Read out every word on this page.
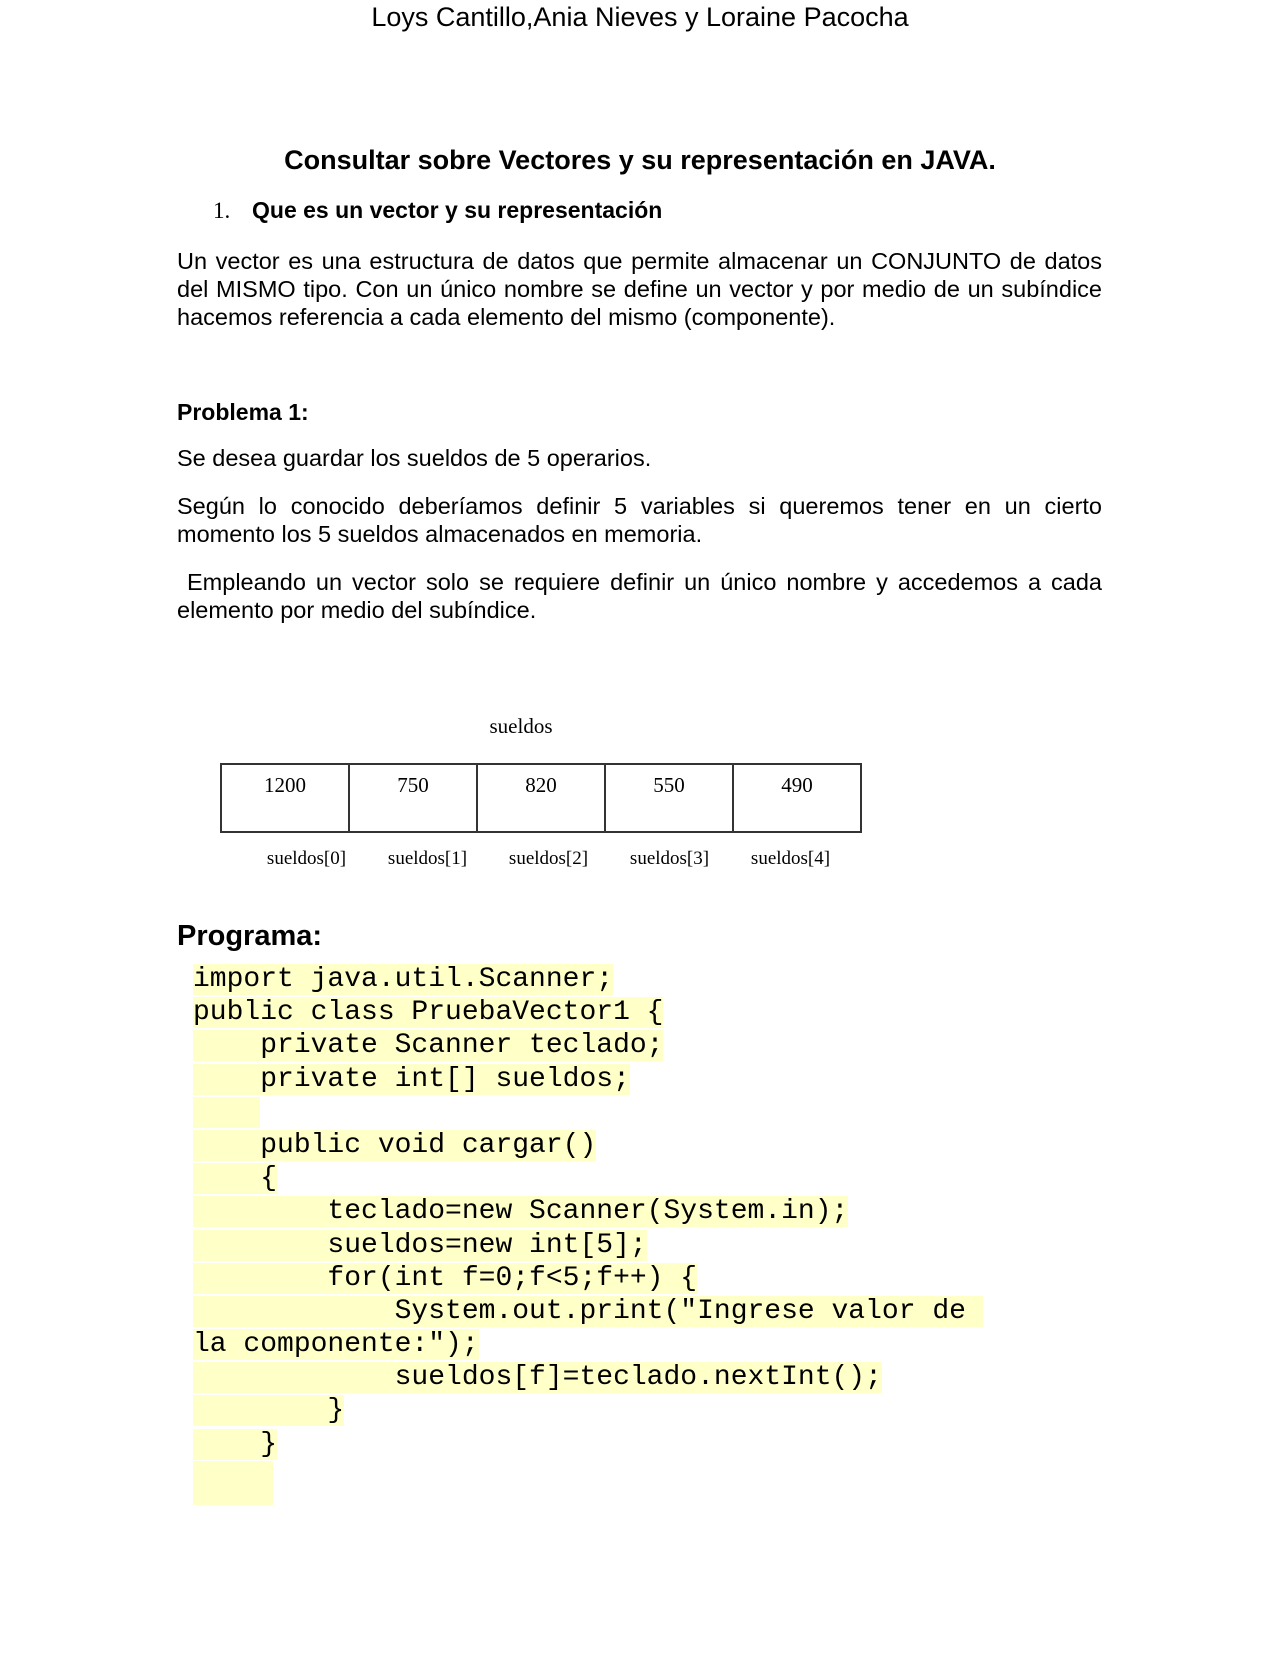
Loys Cantillo,Ania Nieves y Loraine Pacocha
Consultar sobre Vectores y su representación en JAVA.
1. Que es un vector y su representación
Un vector es una estructura de datos que permite almacenar un CONJUNTO de datos del MISMO tipo. Con un único nombre se define un vector y por medio de un subíndice hacemos referencia a cada elemento del mismo (componente).
Problema 1:
Se desea guardar los sueldos de 5 operarios.
Según lo conocido deberíamos definir 5 variables si queremos tener en un cierto momento los 5 sueldos almacenados en memoria.
Empleando un vector solo se requiere definir un único nombre y accedemos a cada elemento por medio del subíndice.
sueldos
1200	750	820	550	490
sueldos[0]	sueldos[1]	sueldos[2]	sueldos[3]	sueldos[4]
Programa:
import java.util.Scanner;
public class PruebaVector1 {
private Scanner teclado;
private int[] sueldos;

public void cargar()
{
teclado=new Scanner(System.in);
sueldos=new int[5];
for(int f=0;f<5;f++) {
System.out.print("Ingrese valor de
la componente:");
sueldos[f]=teclado.nextInt();
}
}
